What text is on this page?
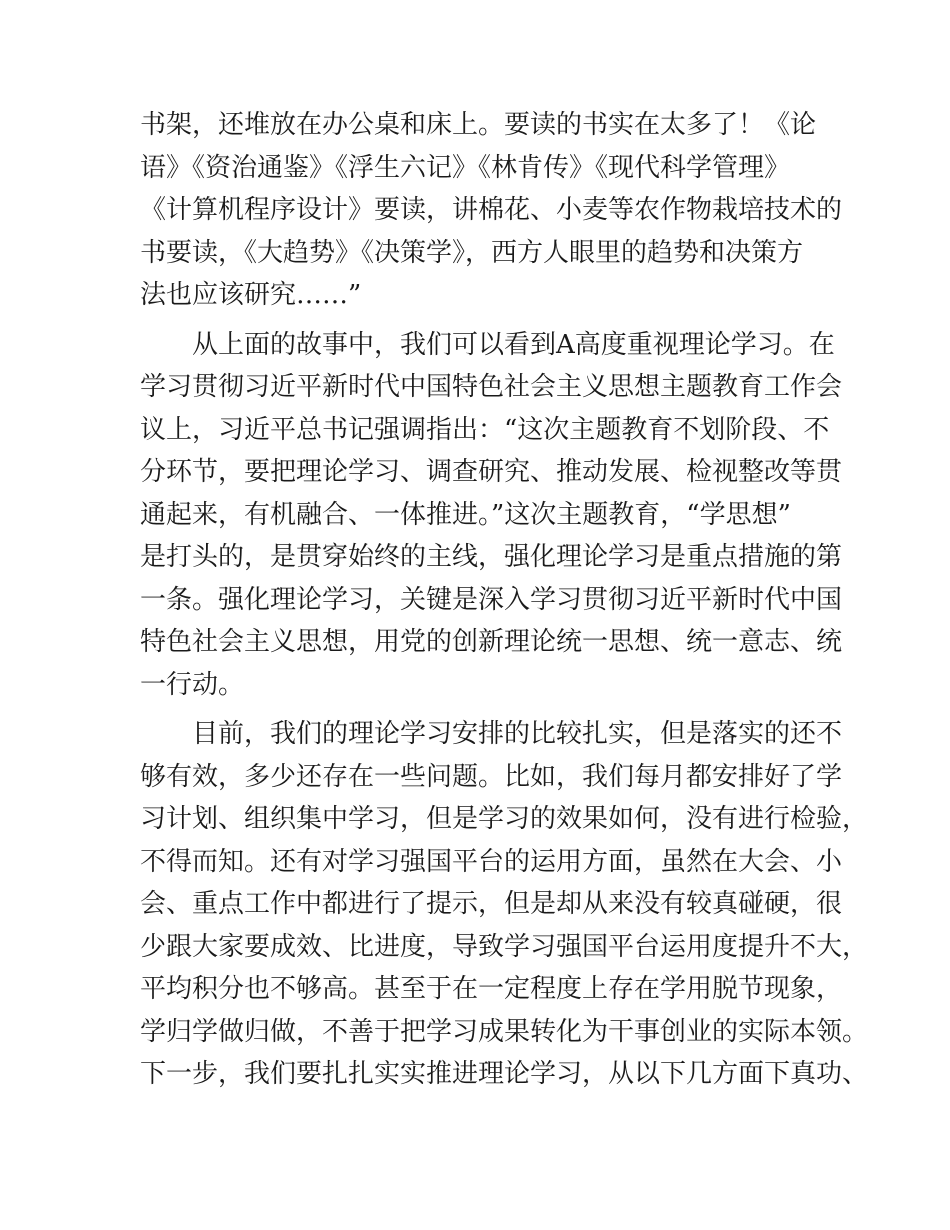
书架，还堆放在办公桌和床上。要读的书实在太多了！《论
语》《资治通鉴》《浮生六记》《林肯传》《现代科学管理》
《计算机程序设计》要读，讲棉花、小麦等农作物栽培技术的
书要读，《大趋势》《决策学》，西方人眼里的趋势和决策方
法也应该研究……”
　　从上面的故事中，我们可以看到A高度重视理论学习。在
学习贯彻习近平新时代中国特色社会主义思想主题教育工作会
议上，习近平总书记强调指出：“这次主题教育不划阶段、不
分环节，要把理论学习、调查研究、推动发展、检视整改等贯
通起来，有机融合、一体推进。”这次主题教育，“学思想”
是打头的，是贯穿始终的主线，强化理论学习是重点措施的第
一条。强化理论学习，关键是深入学习贯彻习近平新时代中国
特色社会主义思想，用党的创新理论统一思想、统一意志、统
一行动。
　　目前，我们的理论学习安排的比较扎实，但是落实的还不
够有效，多少还存在一些问题。比如，我们每月都安排好了学
习计划、组织集中学习，但是学习的效果如何，没有进行检验，
不得而知。还有对学习强国平台的运用方面，虽然在大会、小
会、重点工作中都进行了提示，但是却从来没有较真碰硬，很
少跟大家要成效、比进度，导致学习强国平台运用度提升不大，
平均积分也不够高。甚至于在一定程度上存在学用脱节现象，
学归学做归做，不善于把学习成果转化为干事创业的实际本领。
下一步，我们要扎扎实实推进理论学习，从以下几方面下真功、
